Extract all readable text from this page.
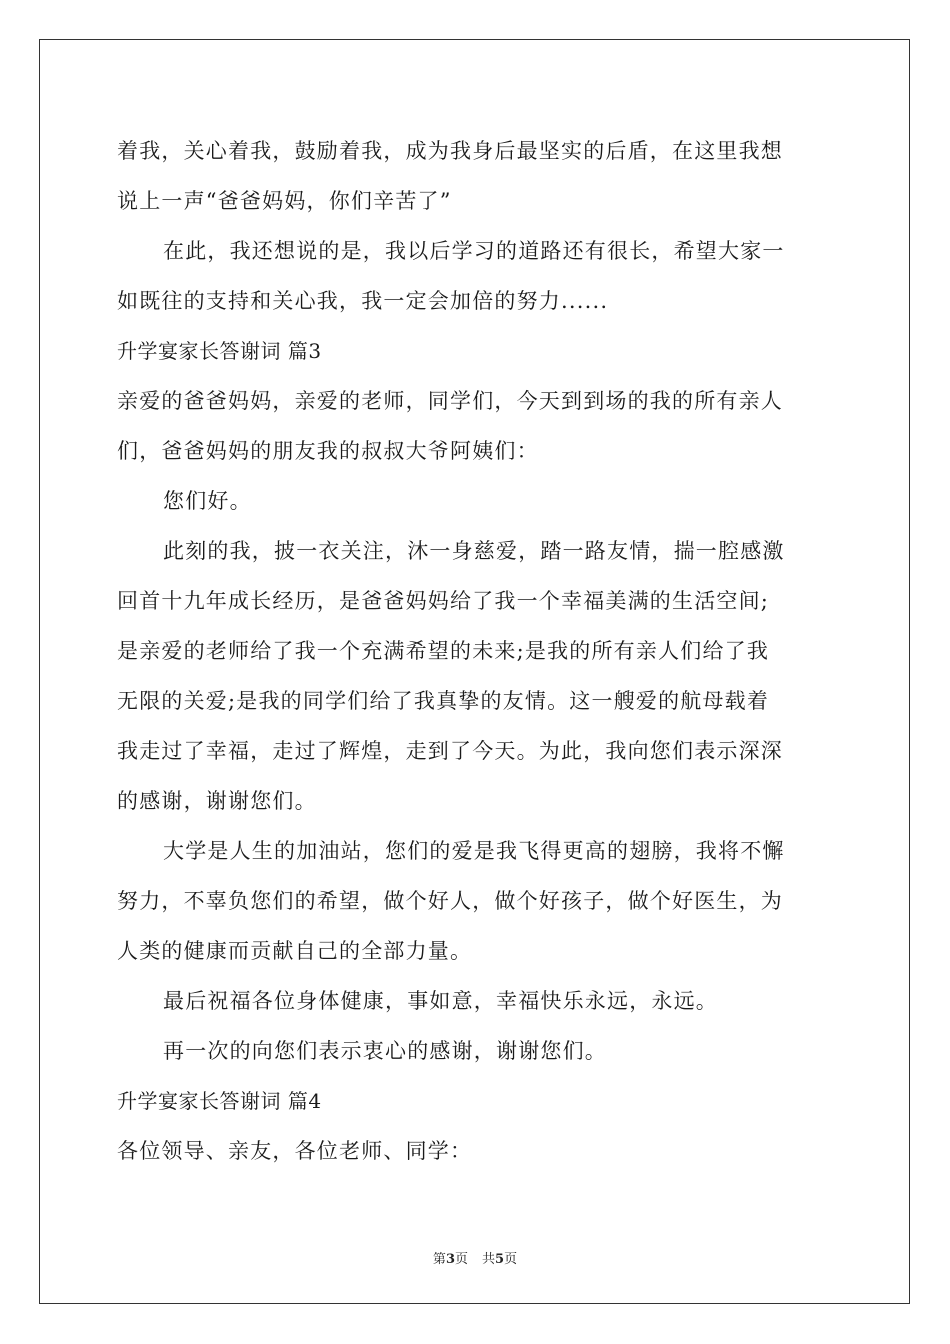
着我，关心着我，鼓励着我，成为我身后最坚实的后盾，在这里我想
说上一声“爸爸妈妈，你们辛苦了”
在此，我还想说的是，我以后学习的道路还有很长，希望大家一
如既往的支持和关心我，我一定会加倍的努力......
升学宴家长答谢词 篇3
亲爱的爸爸妈妈，亲爱的老师，同学们，今天到到场的我的所有亲人
们，爸爸妈妈的朋友我的叔叔大爷阿姨们：
您们好。
此刻的我，披一衣关注，沐一身慈爱，踏一路友情，揣一腔感激
回首十九年成长经历，是爸爸妈妈给了我一个幸福美满的生活空间;
是亲爱的老师给了我一个充满希望的未来;是我的所有亲人们给了我
无限的关爱;是我的同学们给了我真挚的友情。这一艘爱的航母载着
我走过了幸福，走过了辉煌，走到了今天。为此，我向您们表示深深
的感谢，谢谢您们。
大学是人生的加油站，您们的爱是我飞得更高的翅膀，我将不懈
努力，不辜负您们的希望，做个好人，做个好孩子，做个好医生，为
人类的健康而贡献自己的全部力量。
最后祝福各位身体健康，事如意，幸福快乐永远，永远。
再一次的向您们表示衷心的感谢，谢谢您们。
升学宴家长答谢词 篇4
各位领导、亲友，各位老师、同学：
第3页 共5页
